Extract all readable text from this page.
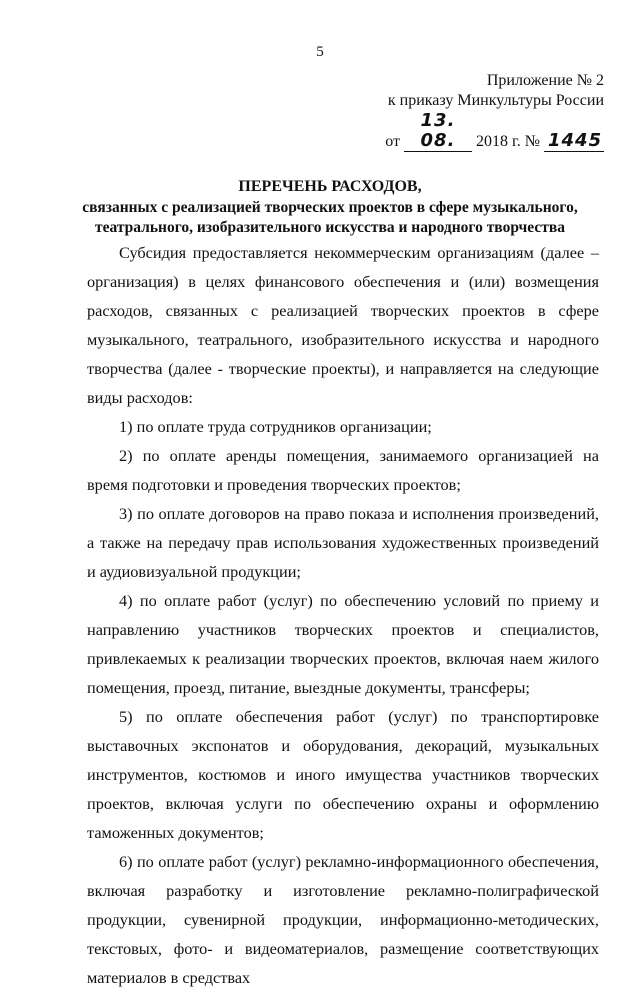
5
Приложение № 2
к приказу Минкультуры России
от 13. 08. 2018 г. № 1445
ПЕРЕЧЕНЬ РАСХОДОВ,
связанных с реализацией творческих проектов в сфере музыкального,
театрального, изобразительного искусства и народного творчества

Субсидия предоставляется некоммерческим организациям (далее – организация) в целях финансового обеспечения и (или) возмещения расходов, связанных с реализацией творческих проектов в сфере музыкального, театрального, изобразительного искусства и народного творчества (далее - творческие проекты), и направляется на следующие виды расходов:

1) по оплате труда сотрудников организации;

2) по оплате аренды помещения, занимаемого организацией на время подготовки и проведения творческих проектов;

3) по оплате договоров на право показа и исполнения произведений, а также на передачу прав использования художественных произведений и аудиовизуальной продукции;

4) по оплате работ (услуг) по обеспечению условий по приему и направлению участников творческих проектов и специалистов, привлекаемых к реализации творческих проектов, включая наем жилого помещения, проезд, питание, выездные документы, трансферы;

5) по оплате обеспечения работ (услуг) по транспортировке выставочных экспонатов и оборудования, декораций, музыкальных инструментов, костюмов и иного имущества участников творческих проектов, включая услуги по обеспечению охраны и оформлению таможенных документов;

6) по оплате работ (услуг) рекламно-информационного обеспечения, включая разработку и изготовление рекламно-полиграфической продукции, сувенирной продукции, информационно-методических, текстовых, фото- и видеоматериалов, размещение соответствующих материалов в средствах
